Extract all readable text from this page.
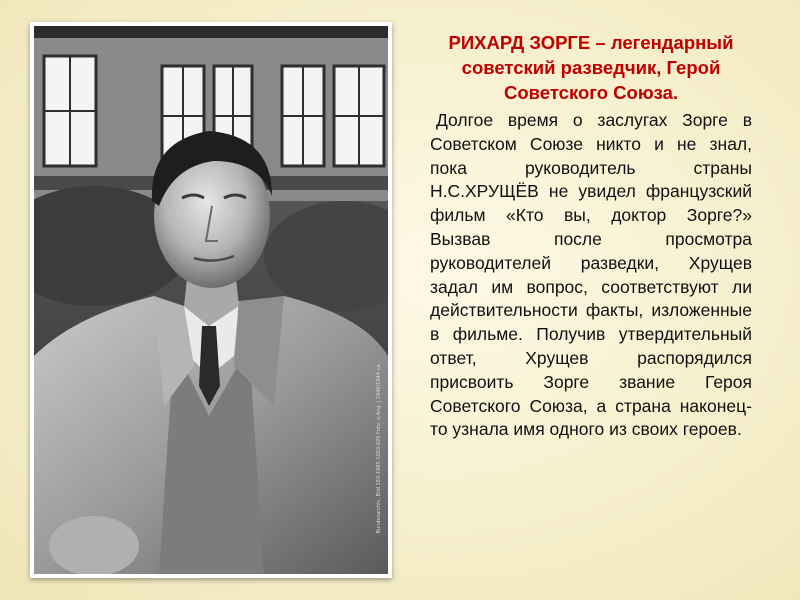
Bundesarchiv, Bild 183-1985-1003-020 Foto: o.Ang. | 1940/1944 ca.

РИХАРД ЗОРГЕ – легендарный советский разведчик, Герой Советского Союза.

Долгое время о заслугах Зорге в Советском Союзе никто и не знал, пока руководитель страны Н.С.ХРУЩЁВ не увидел французский фильм «Кто вы, доктор Зорге?» Вызвав после просмотра руководителей разведки, Хрущев задал им вопрос, соответствуют ли действительности факты, изложенные в фильме. Получив утвердительный ответ, Хрущев распорядился присвоить Зорге звание Героя Советского Союза, а страна наконец-то узнала имя одного из своих героев.
